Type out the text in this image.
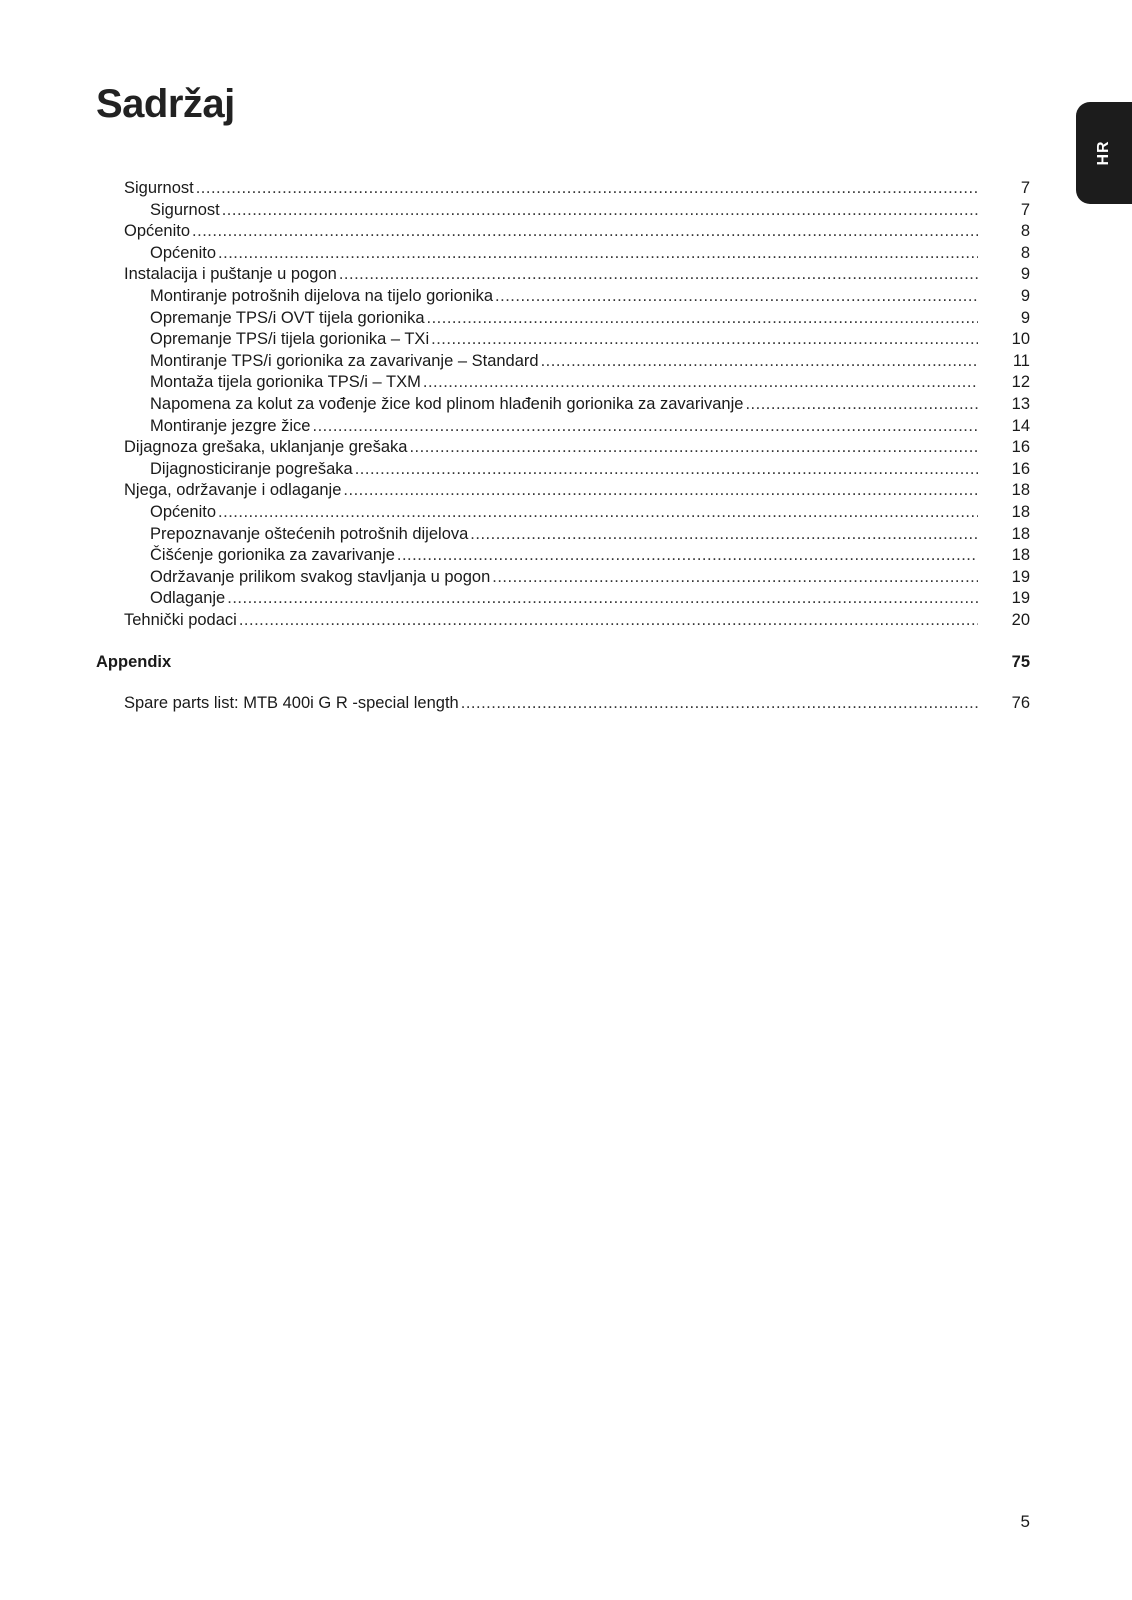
Sadržaj
HR
Sigurnost .....	7
Sigurnost .....	7
Općenito .....	8
Općenito .....	8
Instalacija i puštanje u pogon .....	9
Montiranje potrošnih dijelova na tijelo gorionika .....	9
Opremanje TPS/i OVT tijela gorionika .....	9
Opremanje TPS/i tijela gorionika – TXi .....	10
Montiranje TPS/i gorionika za zavarivanje – Standard .....	11
Montaža tijela gorionika TPS/i – TXM .....	12
Napomena za kolut za vođenje žice kod plinom hlađenih gorionika za zavarivanje .....	13
Montiranje jezgre žice .....	14
Dijagnoza grešaka, uklanjanje grešaka .....	16
Dijagnosticiranje pogrešaka .....	16
Njega, održavanje i odlaganje .....	18
Općenito .....	18
Prepoznavanje oštećenih potrošnih dijelova .....	18
Čišćenje gorionika za zavarivanje .....	18
Održavanje prilikom svakog stavljanja u pogon .....	19
Odlaganje .....	19
Tehnički podaci .....	20
Appendix	75
Spare parts list: MTB 400i G R -special length .....	76
5
